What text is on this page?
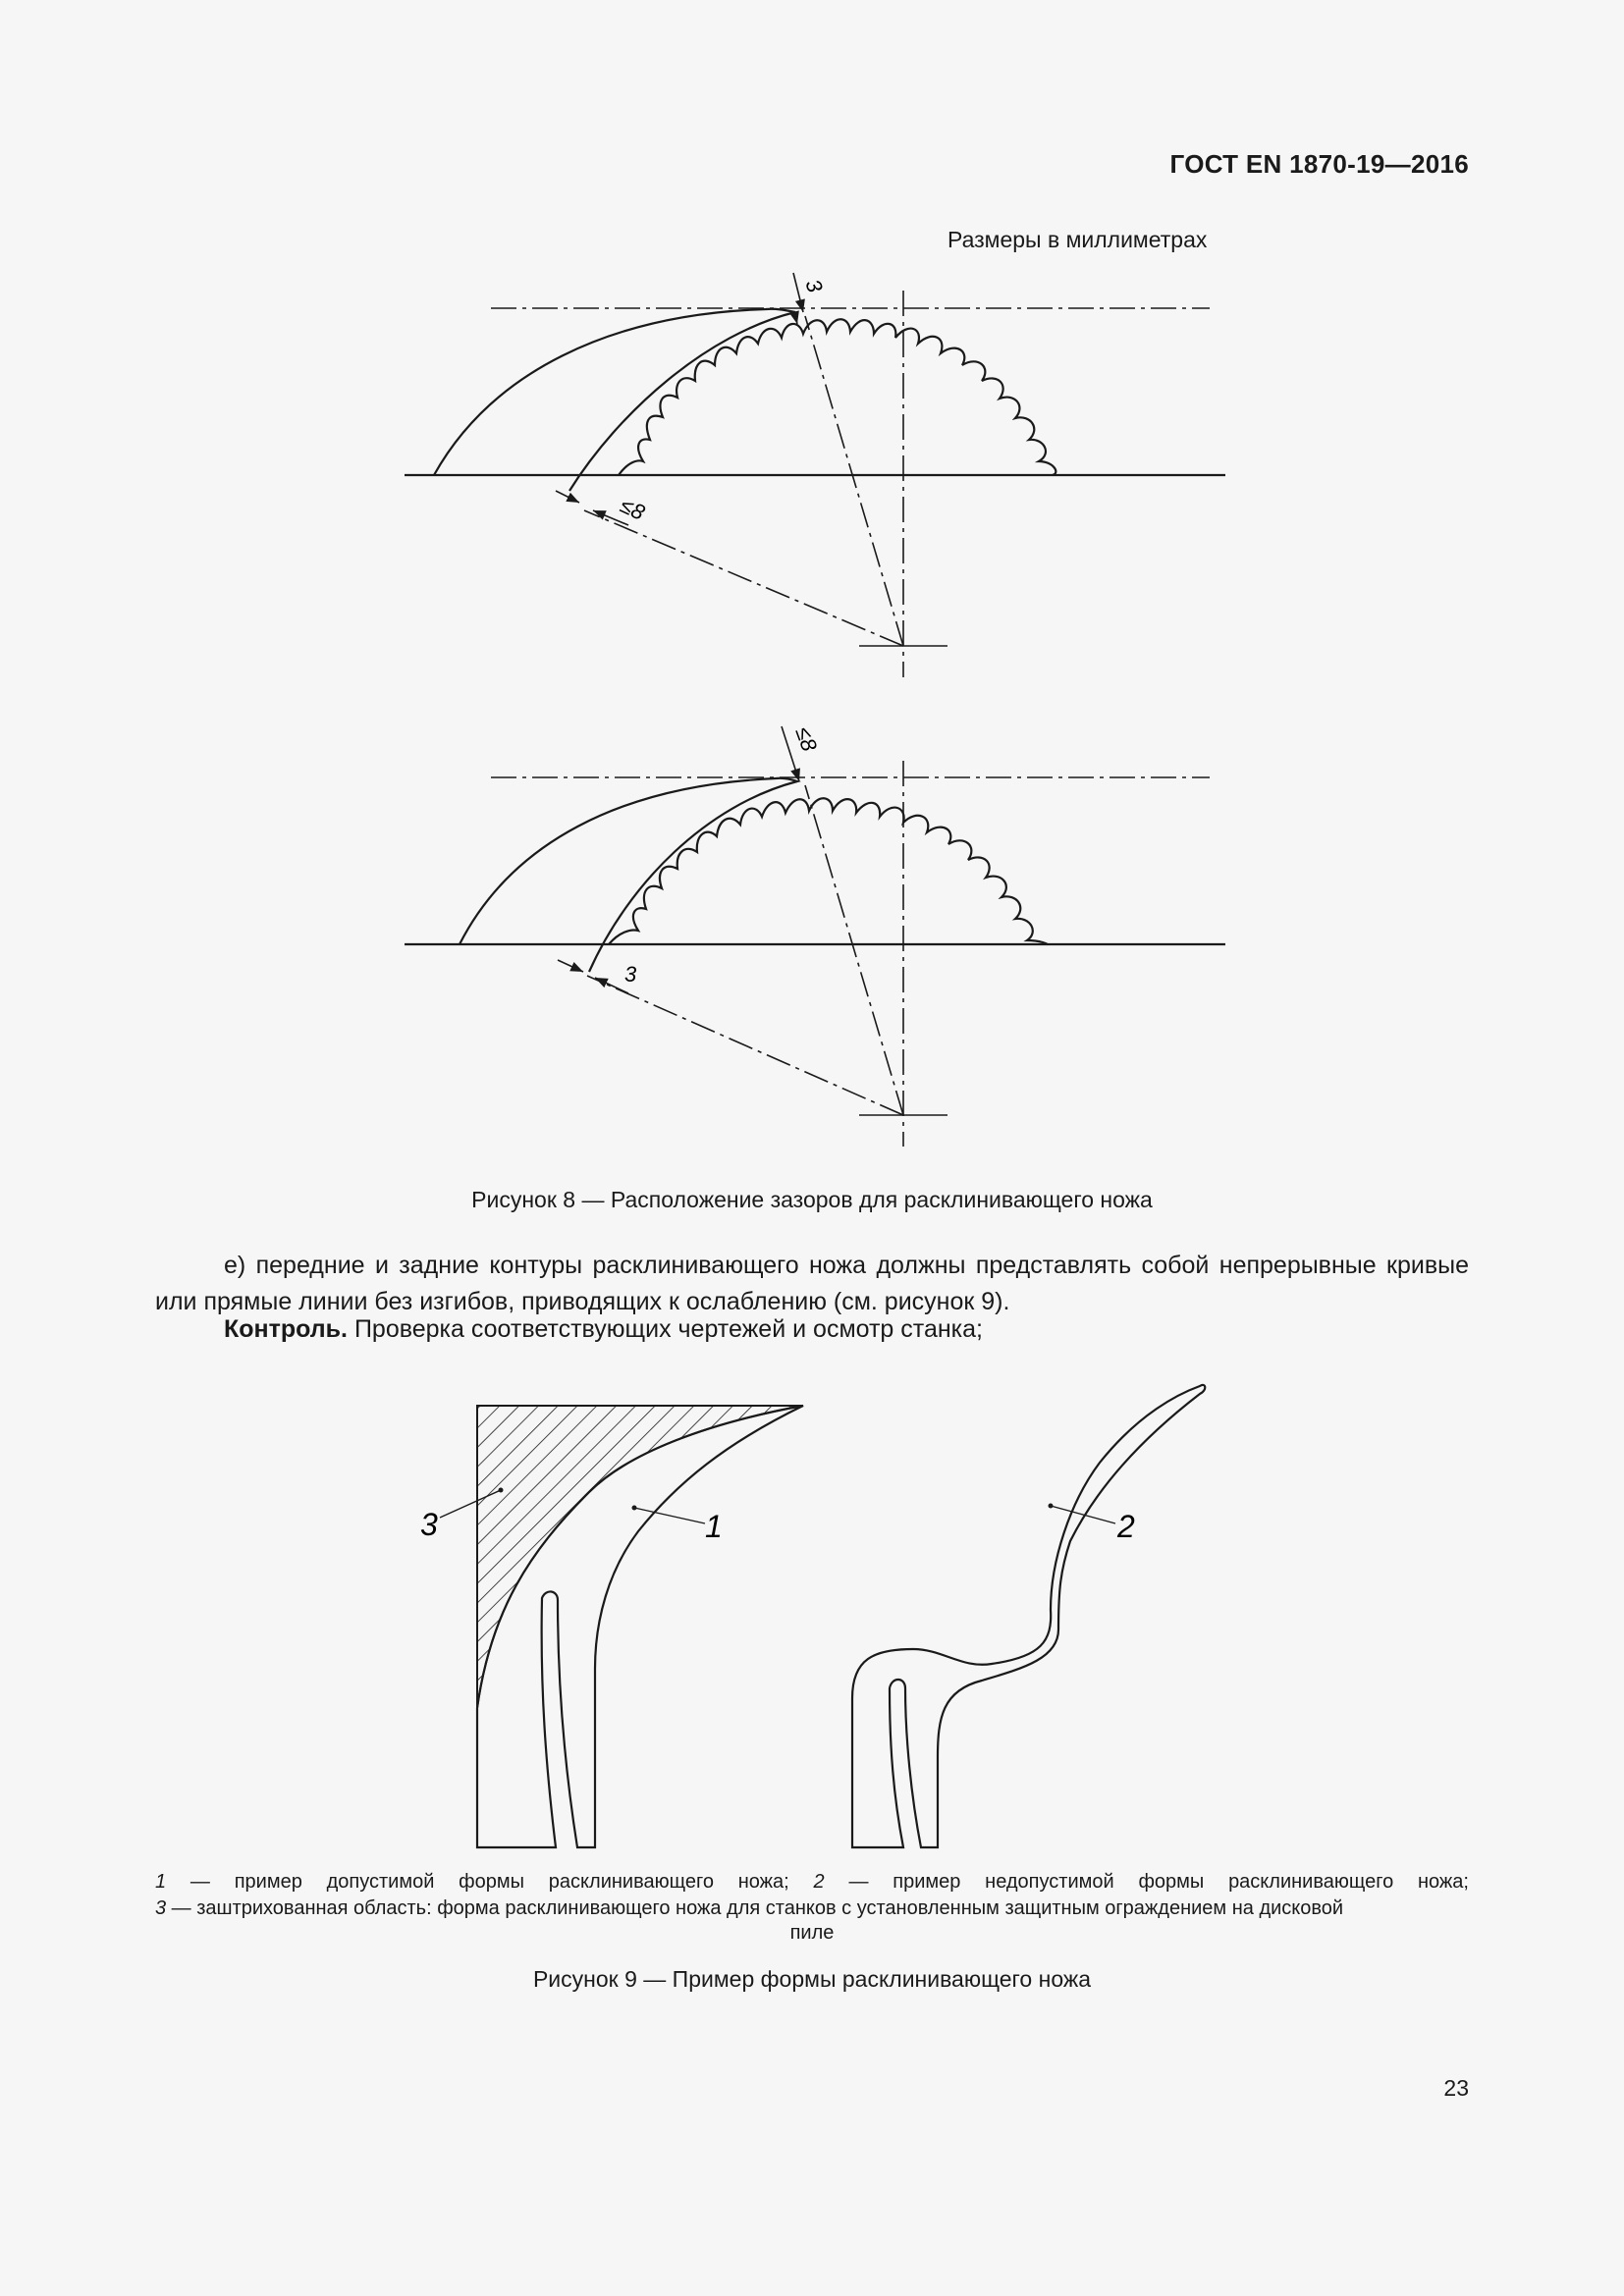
ГОСТ EN 1870-19—2016
Размеры в миллиметрах
3
≤8
≤8
3
3	1	2
Рисунок 8 — Расположение зазоров для расклинивающего ножа
е) передние и задние контуры расклинивающего ножа должны представлять собой непрерывные кривые или прямые линии без изгибов, приводящих к ослаблению (см. рисунок 9).
Контроль. Проверка соответствующих чертежей и осмотр станка;
1 — пример допустимой формы расклинивающего ножа; 2 — пример недопустимой формы расклинивающего ножа;
3 — заштрихованная область: форма расклинивающего ножа для станков с установленным защитным ограждением на дисковой
пиле
Рисунок 9 — Пример формы расклинивающего ножа
23
